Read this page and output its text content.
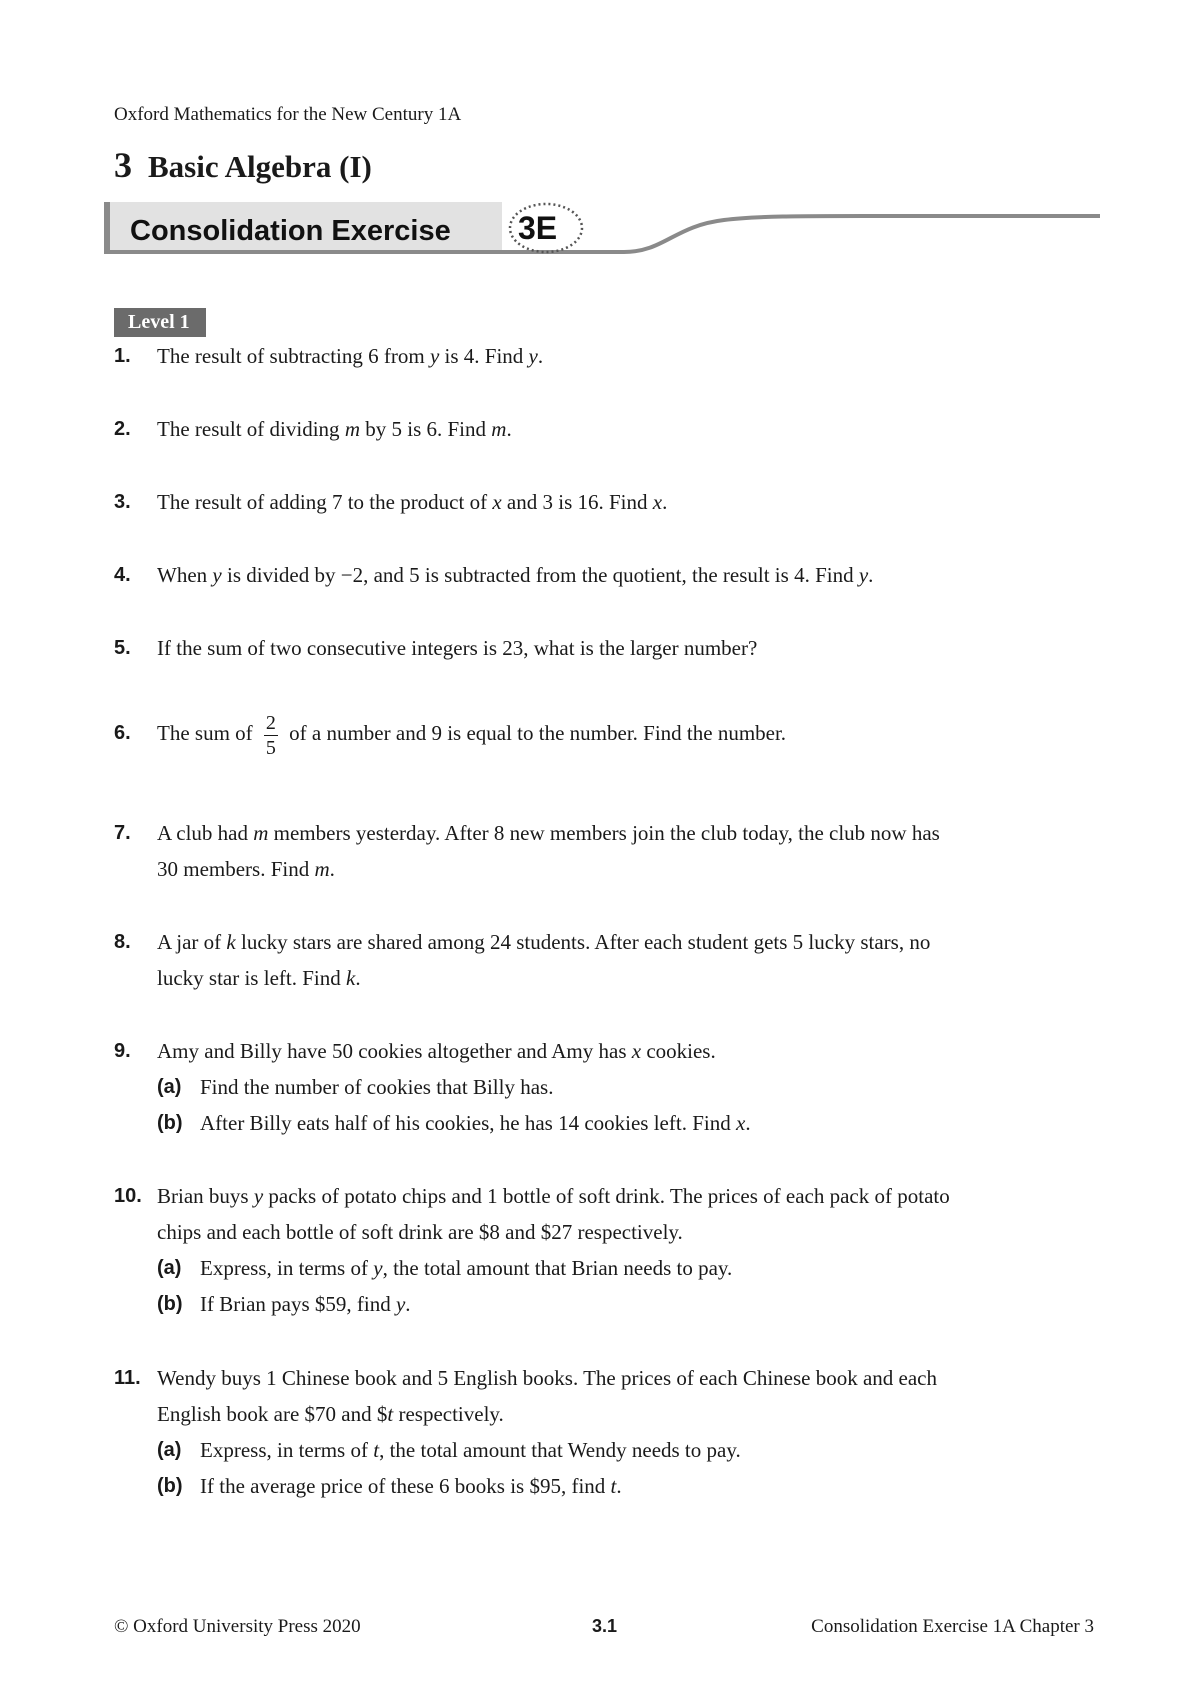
Oxford Mathematics for the New Century 1A
3 Basic Algebra (I)
Consolidation Exercise 3E
Level 1
1. The result of subtracting 6 from y is 4. Find y.
2. The result of dividing m by 5 is 6. Find m.
3. The result of adding 7 to the product of x and 3 is 16. Find x.
4. When y is divided by −2, and 5 is subtracted from the quotient, the result is 4. Find y.
5. If the sum of two consecutive integers is 23, what is the larger number?
6. The sum of $\frac{2}{5}$ of a number and 9 is equal to the number. Find the number.
7. A club had m members yesterday. After 8 new members join the club today, the club now has
30 members. Find m.
8. A jar of k lucky stars are shared among 24 students. After each student gets 5 lucky stars, no
lucky star is left. Find k.
9. Amy and Billy have 50 cookies altogether and Amy has x cookies.
(a) Find the number of cookies that Billy has.
(b) After Billy eats half of his cookies, he has 14 cookies left. Find x.
10. Brian buys y packs of potato chips and 1 bottle of soft drink. The prices of each pack of potato
chips and each bottle of soft drink are $8 and $27 respectively.
(a) Express, in terms of y, the total amount that Brian needs to pay.
(b) If Brian pays $59, find y.
11. Wendy buys 1 Chinese book and 5 English books. The prices of each Chinese book and each
English book are $70 and $t respectively.
(a) Express, in terms of t, the total amount that Wendy needs to pay.
(b) If the average price of these 6 books is $95, find t.
© Oxford University Press 2020	3.1	Consolidation Exercise 1A Chapter 3
